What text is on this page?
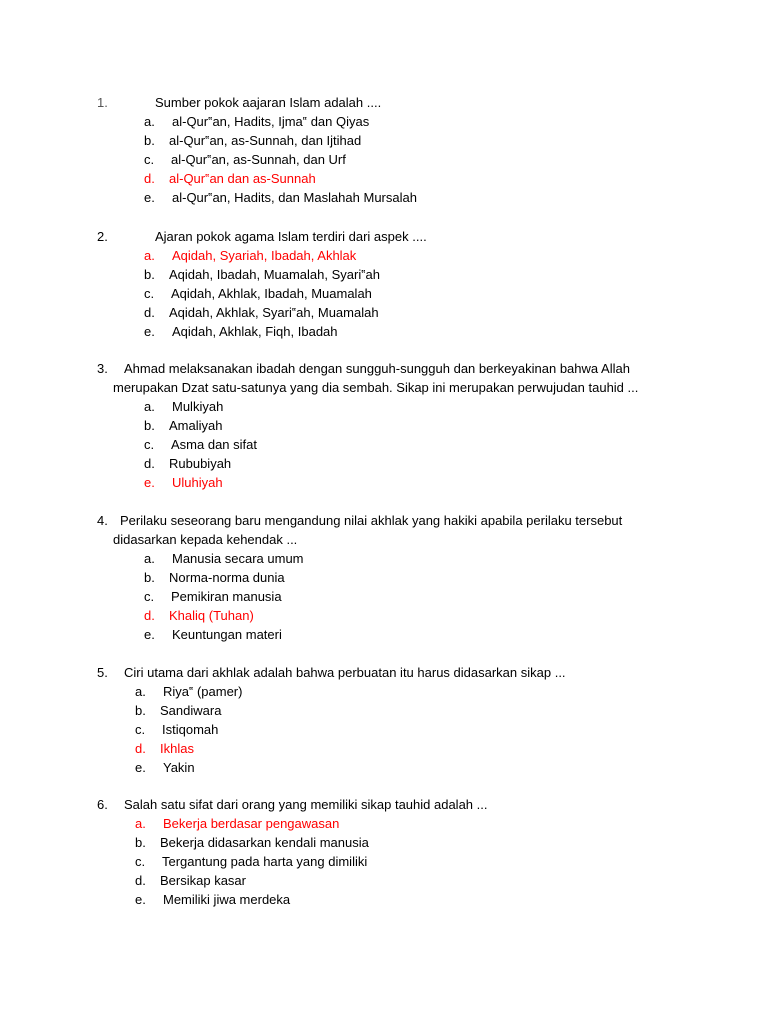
1.	Sumber pokok aajaran Islam adalah ....
a. al-Qur‟an, Hadits, Ijma‟ dan Qiyas
b. al-Qur‟an, as-Sunnah, dan Ijtihad
c. al-Qur‟an, as-Sunnah, dan Urf
d. al-Qur‟an dan as-Sunnah
e. al-Qur‟an, Hadits, dan Maslahah Mursalah
2.	Ajaran pokok agama Islam terdiri dari aspek ....
a. Aqidah, Syariah, Ibadah, Akhlak
b. Aqidah, Ibadah, Muamalah, Syari‟ah
c. Aqidah, Akhlak, Ibadah, Muamalah
d. Aqidah, Akhlak, Syari‟ah, Muamalah
e. Aqidah, Akhlak, Fiqh, Ibadah
3. Ahmad melaksanakan ibadah dengan sungguh-sungguh dan berkeyakinan bahwa Allah
merupakan Dzat satu-satunya yang dia sembah. Sikap ini merupakan perwujudan tauhid ...
a. Mulkiyah
b. Amaliyah
c. Asma dan sifat
d. Rububiyah
e. Uluhiyah
4. Perilaku seseorang baru mengandung nilai akhlak yang hakiki apabila perilaku tersebut
didasarkan kepada kehendak ...
a. Manusia secara umum
b. Norma-norma dunia
c. Pemikiran manusia
d. Khaliq (Tuhan)
e. Keuntungan materi
5. Ciri utama dari akhlak adalah bahwa perbuatan itu harus didasarkan sikap ...
a. Riya‟ (pamer)
b. Sandiwara
c. Istiqomah
d. Ikhlas
e. Yakin
6. Salah satu sifat dari orang yang memiliki sikap tauhid adalah ...
a. Bekerja berdasar pengawasan
b. Bekerja didasarkan kendali manusia
c. Tergantung pada harta yang dimiliki
d. Bersikap kasar
e. Memiliki jiwa merdeka
